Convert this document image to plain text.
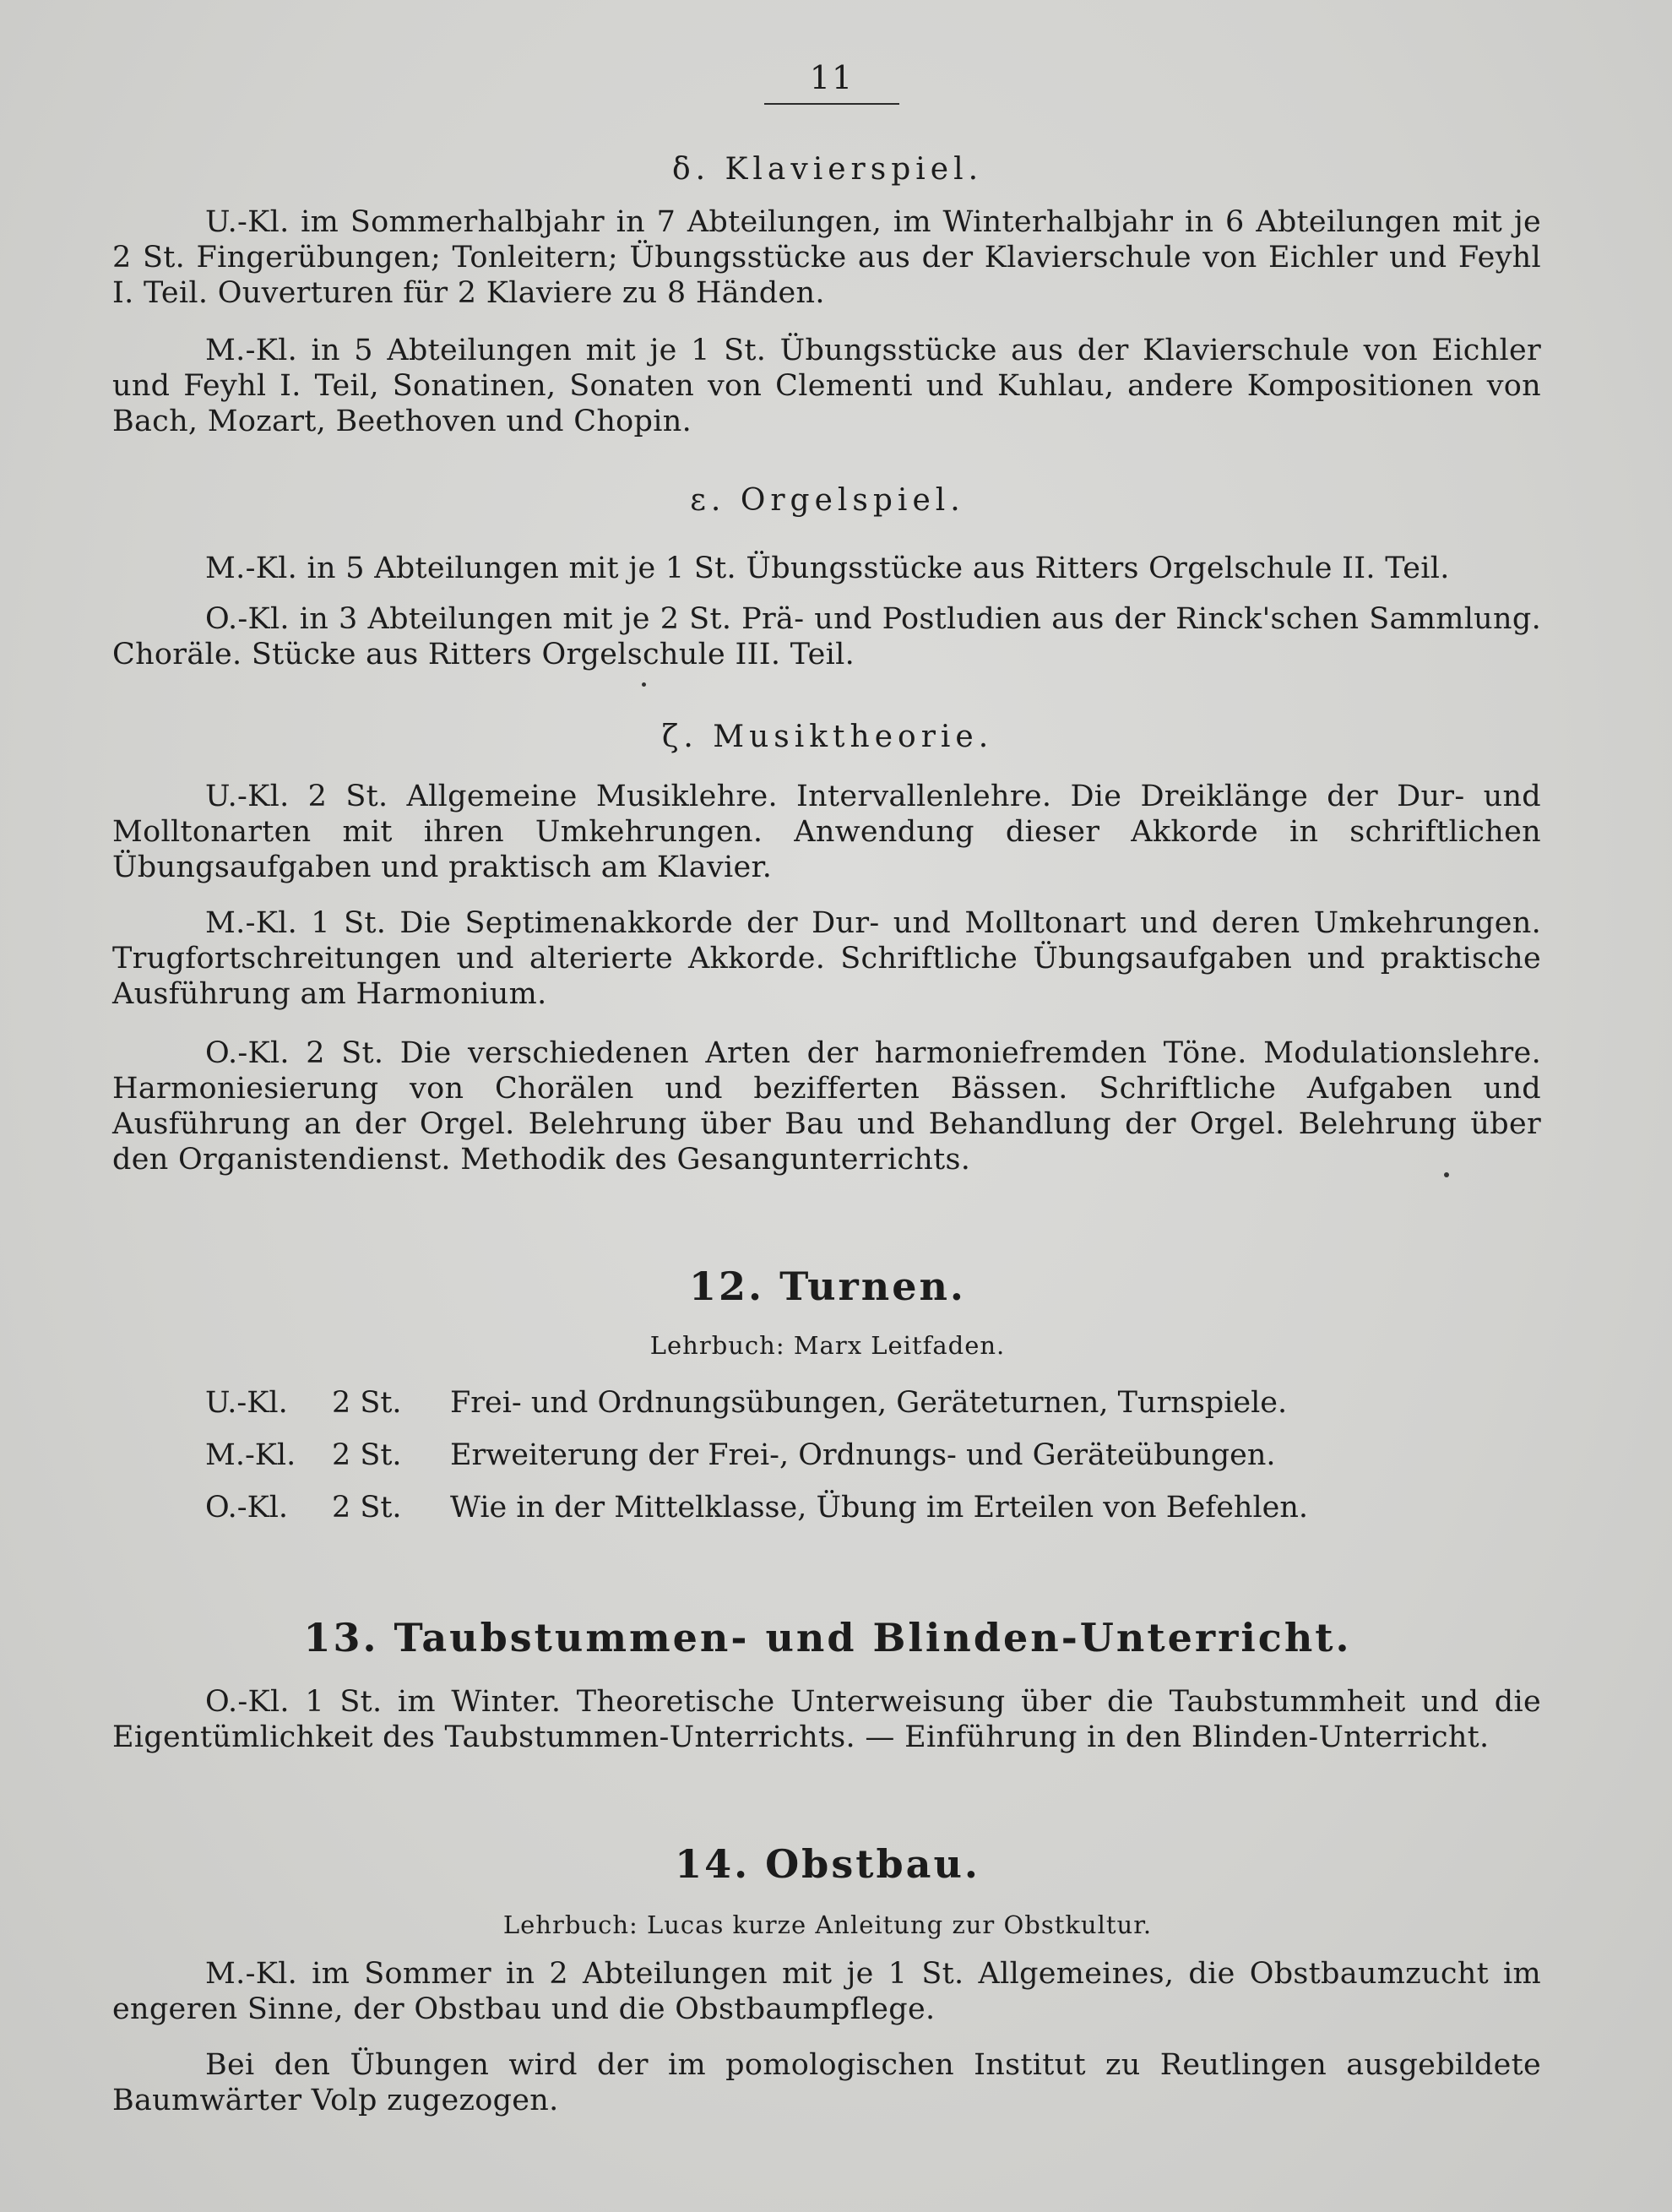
11
δ. Klavierspiel.
U.-Kl. im Sommerhalbjahr in 7 Abteilungen, im Winterhalbjahr in 6 Abteilungen mit je 2 St. Fingerübungen; Tonleitern; Übungsstücke aus der Klavierschule von Eichler und Feyhl I. Teil. Ouverturen für 2 Klaviere zu 8 Händen.
M.-Kl. in 5 Abteilungen mit je 1 St. Übungsstücke aus der Klavierschule von Eichler und Feyhl I. Teil, Sonatinen, Sonaten von Clementi und Kuhlau, andere Kompositionen von Bach, Mozart, Beethoven und Chopin.
ε. Orgelspiel.
M.-Kl. in 5 Abteilungen mit je 1 St. Übungsstücke aus Ritters Orgelschule II. Teil.
O.-Kl. in 3 Abteilungen mit je 2 St. Prä- und Postludien aus der Rinck'schen Sammlung. Choräle. Stücke aus Ritters Orgelschule III. Teil.
ζ. Musiktheorie.
U.-Kl. 2 St. Allgemeine Musiklehre. Intervallenlehre. Die Dreiklänge der Dur- und Molltonarten mit ihren Umkehrungen. Anwendung dieser Akkorde in schriftlichen Übungsaufgaben und praktisch am Klavier.
M.-Kl. 1 St. Die Septimenakkorde der Dur- und Molltonart und deren Umkehrungen. Trugfortschreitungen und alterierte Akkorde. Schriftliche Übungsaufgaben und praktische Ausführung am Harmonium.
O.-Kl. 2 St. Die verschiedenen Arten der harmoniefremden Töne. Modulationslehre. Harmoniesierung von Chorälen und bezifferten Bässen. Schriftliche Aufgaben und Ausführung an der Orgel. Belehrung über Bau und Behandlung der Orgel. Belehrung über den Organistendienst. Methodik des Gesangunterrichts.
12. Turnen.
Lehrbuch: Marx Leitfaden.
U.-Kl. 2 St. Frei- und Ordnungsübungen, Geräteturnen, Turnspiele.
M.-Kl. 2 St. Erweiterung der Frei-, Ordnungs- und Geräteübungen.
O.-Kl. 2 St. Wie in der Mittelklasse, Übung im Erteilen von Befehlen.
13. Taubstummen- und Blinden-Unterricht.
O.-Kl. 1 St. im Winter. Theoretische Unterweisung über die Taubstummheit und die Eigentümlichkeit des Taubstummen-Unterrichts. — Einführung in den Blinden-Unterricht.
14. Obstbau.
Lehrbuch: Lucas kurze Anleitung zur Obstkultur.
M.-Kl. im Sommer in 2 Abteilungen mit je 1 St. Allgemeines, die Obstbaumzucht im engeren Sinne, der Obstbau und die Obstbaumpflege.
Bei den Übungen wird der im pomologischen Institut zu Reutlingen ausgebildete Baumwärter Volp zugezogen.
